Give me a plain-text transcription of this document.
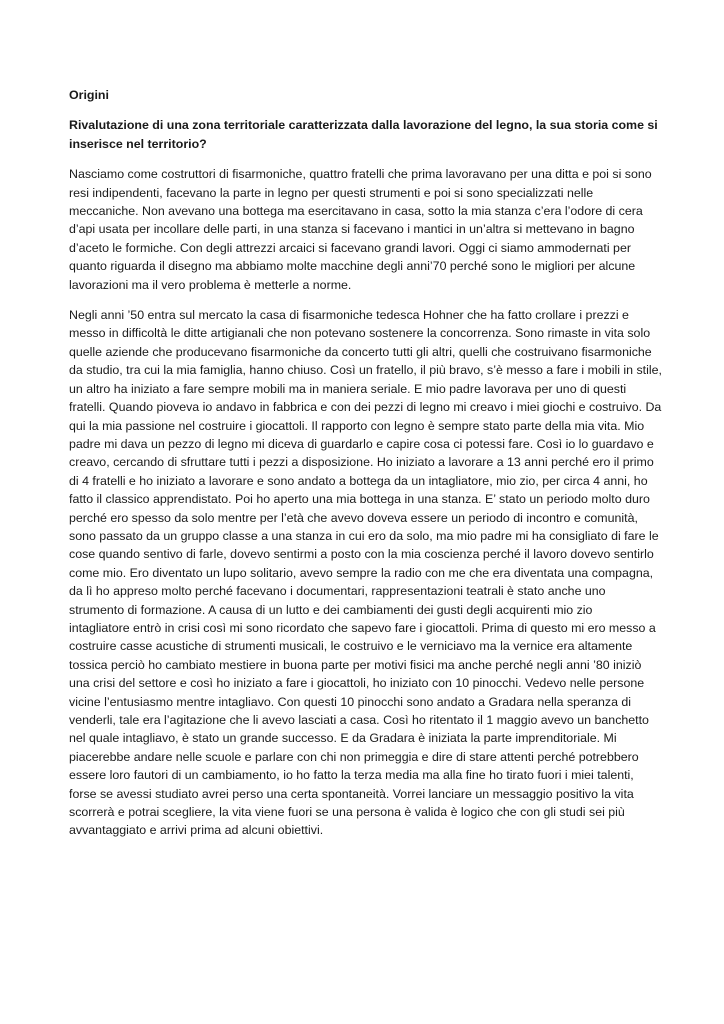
Origini
Rivalutazione di una zona territoriale caratterizzata dalla lavorazione del legno, la sua storia come si
inserisce nel territorio?
Nasciamo come costruttori di fisarmoniche, quattro fratelli che prima lavoravano per una ditta e poi si sono
resi indipendenti, facevano la parte in legno per questi strumenti e poi si sono specializzati nelle
meccaniche. Non avevano una bottega ma esercitavano in casa, sotto la mia stanza c’era l’odore di cera
d’api usata per incollare delle parti, in una stanza si facevano i mantici in un’altra si mettevano in bagno
d’aceto le formiche. Con degli attrezzi arcaici si facevano grandi lavori. Oggi ci siamo ammodernati per
quanto riguarda il disegno ma abbiamo molte macchine degli anni’70 perché sono le migliori per alcune
lavorazioni ma il vero problema è metterle a norme.
Negli anni ’50 entra sul mercato la casa di fisarmoniche tedesca Hohner che ha fatto crollare i prezzi e
messo in difficoltà le ditte artigianali che non potevano sostenere la concorrenza. Sono rimaste in vita solo
quelle aziende che producevano fisarmoniche da concerto tutti gli altri, quelli che costruivano fisarmoniche
da studio, tra cui la mia famiglia, hanno chiuso. Così un fratello, il più bravo, s’è messo a fare i mobili in stile,
un altro ha iniziato a fare sempre mobili ma in maniera seriale. E mio padre lavorava per uno di questi
fratelli. Quando pioveva io andavo in fabbrica e con dei pezzi di legno mi creavo i miei giochi e costruivo. Da
qui la mia passione nel costruire i giocattoli. Il rapporto con legno è sempre stato parte della mia vita. Mio
padre mi dava un pezzo di legno mi diceva di guardarlo e capire cosa ci potessi fare. Così io lo guardavo e
creavo, cercando di sfruttare tutti i pezzi a disposizione. Ho iniziato a lavorare a 13 anni perché ero il primo
di 4 fratelli e ho iniziato a lavorare e sono andato a bottega da un intagliatore, mio zio, per circa 4 anni, ho
fatto il classico apprendistato. Poi ho aperto una mia bottega in una stanza. E’ stato un periodo molto duro
perché ero spesso da solo mentre per l’età che avevo doveva essere un periodo di incontro e comunità,
sono passato da un gruppo classe a una stanza in cui ero da solo, ma mio padre mi ha consigliato di fare le
cose quando sentivo di farle, dovevo sentirmi a posto con la mia coscienza perché il lavoro dovevo sentirlo
come mio. Ero diventato un lupo solitario, avevo sempre la radio con me che era diventata una compagna,
da lì ho appreso molto perché facevano i documentari, rappresentazioni teatrali è stato anche uno
strumento di formazione. A causa di un lutto e dei cambiamenti dei gusti degli acquirenti mio zio
intagliatore entrò in crisi così mi sono ricordato che sapevo fare i giocattoli. Prima di questo mi ero messo a
costruire casse acustiche di strumenti musicali, le costruivo e le verniciavo ma la vernice era altamente
tossica perciò ho cambiato mestiere in buona parte per motivi fisici ma anche perché negli anni ’80 iniziò
una crisi del settore e così ho iniziato a fare i giocattoli, ho iniziato con 10 pinocchi. Vedevo nelle persone
vicine l’entusiasmo mentre intagliavo. Con questi 10 pinocchi sono andato a Gradara nella speranza di
venderli, tale era l’agitazione che li avevo lasciati a casa. Così ho ritentato il 1 maggio avevo un banchetto
nel quale intagliavo, è stato un grande successo. E da Gradara è iniziata la parte imprenditoriale. Mi
piacerebbe andare nelle scuole e parlare con chi non primeggia e dire di stare attenti perché potrebbero
essere loro fautori di un cambiamento, io ho fatto la terza media ma alla fine ho tirato fuori i miei talenti,
forse se avessi studiato avrei perso una certa spontaneità. Vorrei lanciare un messaggio positivo la vita
scorrerà e potrai scegliere, la vita viene fuori se una persona è valida è logico che con gli studi sei più
avvantaggiato e arrivi prima ad alcuni obiettivi.
